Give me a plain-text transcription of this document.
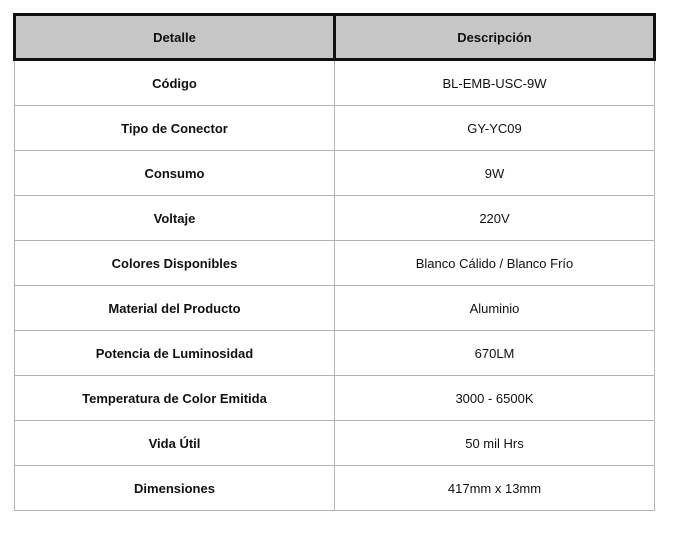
Detalle	Descripción
Código	BL-EMB-USC-9W
Tipo de Conector	GY-YC09
Consumo	9W
Voltaje	220V
Colores Disponibles	Blanco Cálido / Blanco Frío
Material del Producto	Aluminio
Potencia de Luminosidad	670LM
Temperatura de Color Emitida	3000 - 6500K
Vida Útil	50 mil Hrs
Dimensiones	417mm x 13mm
